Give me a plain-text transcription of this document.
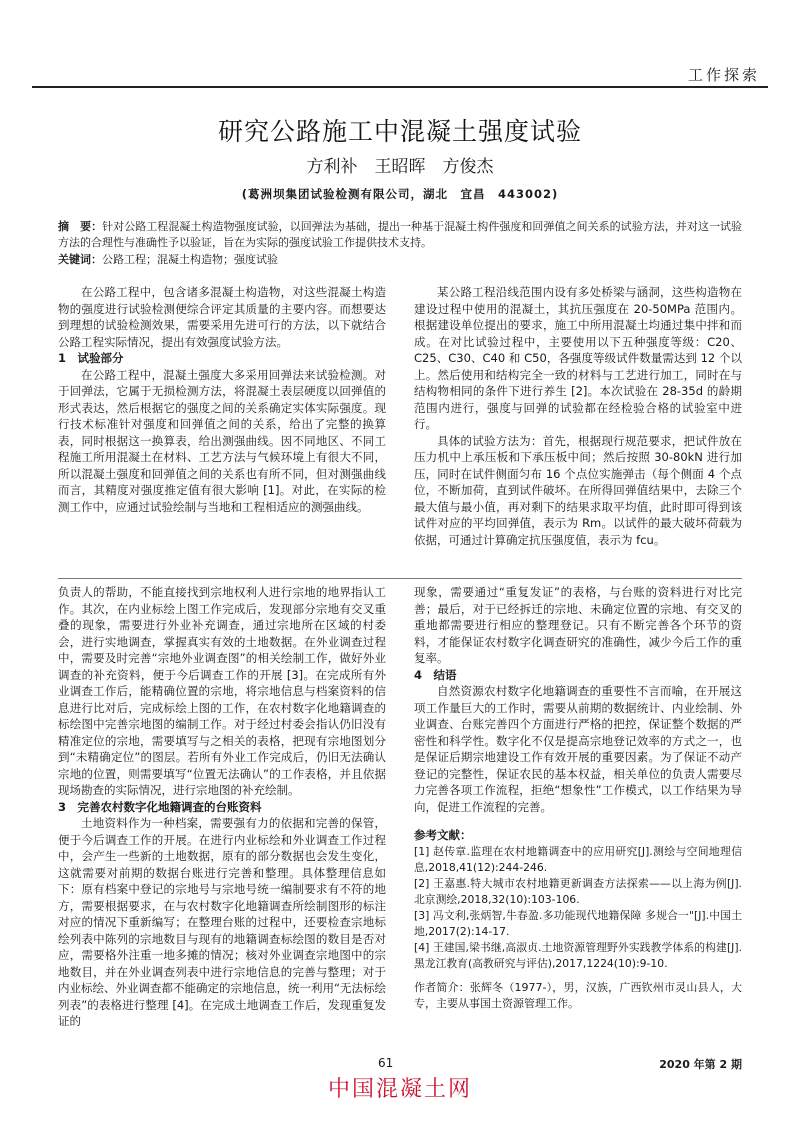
工作探索
研究公路施工中混凝土强度试验
方利补　王昭晖　方俊杰
(葛洲坝集团试验检测有限公司，湖北　宜昌　443002)
摘　要：针对公路工程混凝土构造物强度试验，以回弹法为基础，提出一种基于混凝土构件强度和回弹值之间关系的试验方法，并对这一试验方法的合理性与准确性予以验证，旨在为实际的强度试验工作提供技术支持。
关键词：公路工程；混凝土构造物；强度试验

在公路工程中，包含诸多混凝土构造物，对这些混凝土构造物的强度进行试验检测便综合评定其质量的主要内容。而想要达到理想的试验检测效果，需要采用先进可行的方法，以下就结合公路工程实际情况，提出有效强度试验方法。

1　试验部分

在公路工程中，混凝土强度大多采用回弹法来试验检测。对于回弹法，它属于无损检测方法，将混凝土表层硬度以回弹值的形式表达，然后根据它的强度之间的关系确定实体实际强度。现行技术标准针对强度和回弹值之间的关系，给出了完整的换算表，同时根据这一换算表，给出测强曲线。因不同地区、不同工程施工所用混凝土在材料、工艺方法与气候环境上有很大不同，所以混凝土强度和回弹值之间的关系也有所不同，但对测强曲线而言，其精度对强度推定值有很大影响 [1]。对此，在实际的检测工作中，应通过试验绘制与当地和工程相适应的测强曲线。

某公路工程沿线范围内设有多处桥梁与涵洞，这些构造物在建设过程中使用的混凝土，其抗压强度在 20-50MPa 范围内。根据建设单位提出的要求，施工中所用混凝土均通过集中拌和而成。在对比试验过程中，主要使用以下五种强度等级：C20、C25、C30、C40 和 C50，各强度等级试件数量需达到 12 个以上。然后使用和结构完全一致的材料与工艺进行加工，同时在与结构物相同的条件下进行养生 [2]。本次试验在 28-35d 的龄期范围内进行，强度与回弹的试验都在经检验合格的试验室中进行。

具体的试验方法为：首先，根据现行规范要求，把试件放在压力机中上承压板和下承压板中间；然后按照 30-80kN 进行加压，同时在试件侧面匀布 16 个点位实施弹击（每个侧面 4 个点位，不断加荷，直到试件破坏。在所得回弹值结果中，去除三个最大值与最小值，再对剩下的结果求取平均值，此时即可得到该试件对应的平均回弹值，表示为 Rm。以试件的最大破坏荷载为依据，可通过计算确定抗压强度值，表示为 fcu。

负责人的帮助，不能直接找到宗地权利人进行宗地的地界指认工作。其次，在内业标绘上图工作完成后，发现部分宗地有交叉重叠的现象，需要进行外业补充调查，通过宗地所在区域的村委会，进行实地调查，掌握真实有效的土地数据。在外业调查过程中，需要及时完善“宗地外业调查图”的相关绘制工作，做好外业调查的补充资料，便于今后调查工作的开展 [3]。在完成所有外业调查工作后，能精确位置的宗地，将宗地信息与档案资料的信息进行比对后，完成标绘上图的工作，在农村数字化地籍调查的标绘图中完善宗地图的编制工作。对于经过村委会指认仍旧没有精准定位的宗地，需要填写与之相关的表格，把现有宗地图划分到“未精确定位”的图层。若所有外业工作完成后，仍旧无法确认宗地的位置，则需要填写“位置无法确认”的工作表格，并且依据现场勘查的实际情况，进行宗地图的补充绘制。

3　完善农村数字化地籍调查的台账资料

土地资料作为一种档案，需要强有力的依据和完善的保管，便于今后调查工作的开展。在进行内业标绘和外业调查工作过程中，会产生一些新的土地数据，原有的部分数据也会发生变化，这就需要对前期的数据台账进行完善和整理。具体整理信息如下：原有档案中登记的宗地号与宗地号统一编制要求有不符的地方，需要根据要求，在与农村数字化地籍调查所绘制图形的标注对应的情况下重新编写；在整理台账的过程中，还要检查宗地标绘列表中陈列的宗地数目与现有的地籍调查标绘图的数目是否对应，需要格外注重一地多摊的情况；核对外业调查宗地图中的宗地数目，并在外业调查列表中进行宗地信息的完善与整理；对于内业标绘、外业调查都不能确定的宗地信息，统一利用“无法标绘列表”的表格进行整理 [4]。在完成土地调查工作后，发现重复发证的

现象，需要通过“重复发证”的表格，与台账的资料进行对比完善；最后，对于已经拆迁的宗地、未确定位置的宗地、有交叉的重地都需要进行相应的整理登记。只有不断完善各个环节的资料，才能保证农村数字化调查研究的准确性，减少今后工作的重复率。

4　结语

自然资源农村数字化地籍调查的重要性不言而喻，在开展这项工作量巨大的工作时，需要从前期的数据统计、内业绘制、外业调查、台账完善四个方面进行严格的把控，保证整个数据的严密性和科学性。数字化不仅是提高宗地登记效率的方式之一，也是保证后期宗地建设工作有效开展的重要因素。为了保证不动产登记的完整性，保证农民的基本权益，相关单位的负责人需要尽力完善各项工作流程，拒绝“想象性”工作模式，以工作结果为导向，促进工作流程的完善。

参考文献：
[1] 赵传章.监理在农村地籍调查中的应用研究[J].测绘与空间地理信息,2018,41(12):244-246.
[2] 王嘉惠.特大城市农村地籍更新调查方法探索——以上海为例[J].北京测绘,2018,32(10):103-106.
[3] 冯文利,张炳智,牛春盈.多功能现代地籍保障 多规合一"[J].中国土地,2017(2):14-17.
[4] 王建国,梁书继,高淑贞.土地资源管理野外实践教学体系的构建[J].黑龙江教育(高教研究与评估),2017,1224(10):9-10.
作者简介：张辉冬（1977-），男，汉族，广西钦州市灵山县人，大专，主要从事国土资源管理工作。
61	2020 年第 2 期
中国混凝土网
